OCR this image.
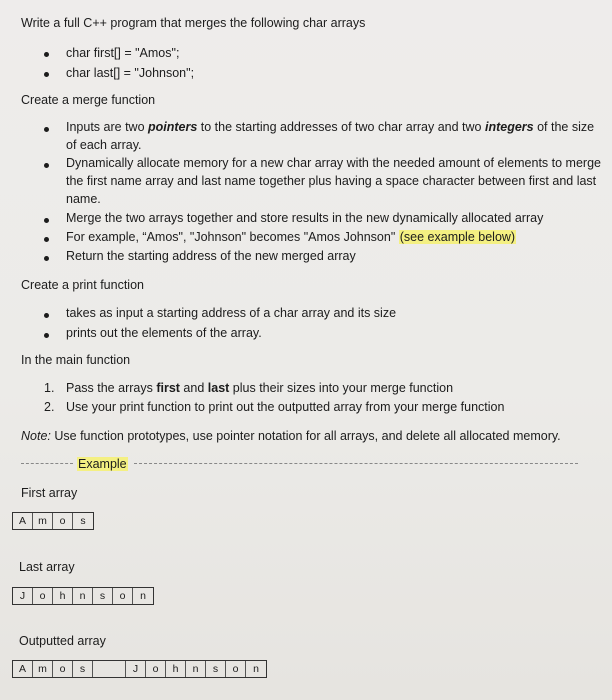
Write a full C++ program that merges the following char arrays
char first[] = "Amos";
char last[] = "Johnson";
Create a merge function
Inputs are two pointers to the starting addresses of two char array and two integers of the size of each array.
Dynamically allocate memory for a new char array with the needed amount of elements to merge the first name array and last name together plus having a space character between first and last name.
Merge the two arrays together and store results in the new dynamically allocated array
For example, “Amos", "Johnson" becomes "Amos Johnson" (see example below)
Return the starting address of the new merged array
Create a print function
takes as input a starting address of a char array and its size
prints out the elements of the array.
In the main function
1. Pass the arrays first and last plus their sizes into your merge function
2. Use your print function to print out the outputted array from your merge function
Note: Use function prototypes, use pointer notation for all arrays, and delete all allocated memory.
Example
First array
A	m	o	s
Last array
J	o	h	n	s	o	n
Outputted array
A	m	o	s	J	o	h	n	s	o	n
